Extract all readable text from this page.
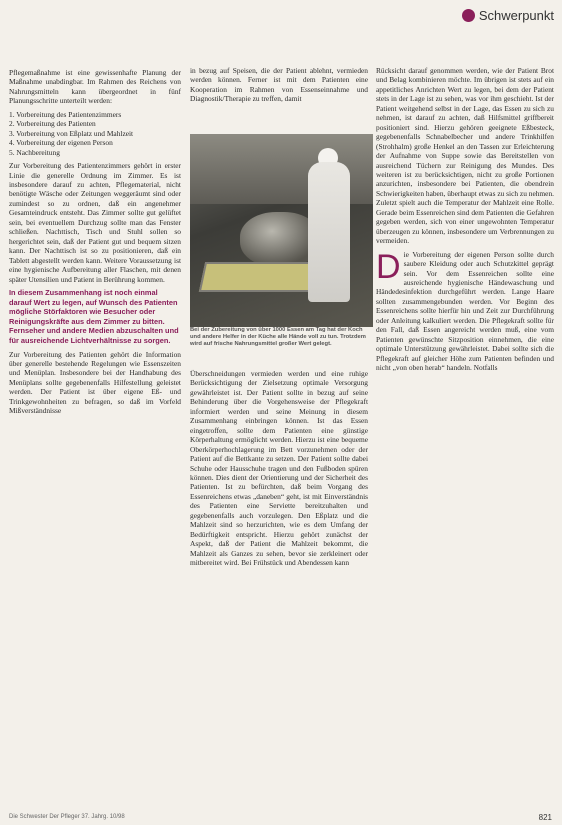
Schwerpunkt

Pflegemaßnahme ist eine gewissenhafte Planung der Maßnahme unabdingbar. Im Rahmen des Reichens von Nahrungsmitteln kann übergeordnet in fünf Planungsschritte unterteilt werden:

1. Vorbereitung des Patientenzimmers
2. Vorbereitung des Patienten
3. Vorbereitung von Eßplatz und Mahlzeit
4. Vorbereitung der eigenen Person
5. Nachbereitung

Zur Vorbereitung des Patientenzimmers gehört in erster Linie die generelle Ordnung im Zimmer. Es ist insbesondere darauf zu achten, Pflegematerial, nicht benötigte Wäsche oder Zeitungen weggeräumt sind oder zumindest so zu ordnen, daß ein angenehmer Gesamteindruck entsteht. Das Zimmer sollte gut gelüftet sein, bei eventuellem Durchzug sollte man das Fenster schließen. Nachttisch, Tisch und Stuhl sollen so hergerichtet sein, daß der Patient gut und bequem sitzen kann. Der Nachttisch ist so zu positionieren, daß ein Tablett abgestellt werden kann. Weitere Voraussetzung ist eine hygienische Aufbereitung aller Flaschen, mit denen später Utensilien und Patient in Berührung kommen.

In diesem Zusammenhang ist noch einmal darauf Wert zu legen, auf Wunsch des Patienten mögliche Störfaktoren wie Besucher oder Reinigungskräfte aus dem Zimmer zu bitten. Fernseher und andere Medien abzuschalten und für ausreichende Lichtverhältnisse zu sorgen.

Zur Vorbereitung des Patienten gehört die Information über generelle bestehende Regelungen wie Essenszeiten und Menüplan. Insbesondere bei der Handhabung des Menüplans sollte gegebenenfalls Hilfestellung geleistet werden. Der Patient ist über eigene Eß- und Trinkgewohnheiten zu befragen, so daß im Vorfeld Mißverständnisse

in bezug auf Speisen, die der Patient ablehnt, vermieden werden können. Ferner ist mit dem Patienten eine Kooperation im Rahmen von Essenseinnahme und Diagnostik/Therapie zu treffen, damit

Bei der Zubereitung von über 1000 Essen am Tag hat der Koch und andere Helfer in der Küche alle Hände voll zu tun. Trotzdem wird auf frische Nahrungsmittel großer Wert gelegt.

Überschneidungen vermieden werden und eine ruhige Berücksichtigung der Zielsetzung optimale Versorgung gewährleistet ist. Der Patient sollte in bezug auf seine Behinderung über die Vorgehensweise der Pflegekraft informiert werden und seine Meinung in diesem Zusammenhang einbringen können. Ist das Essen eingetroffen, sollte dem Patienten eine günstige Körperhaltung ermöglicht werden. Hierzu ist eine bequeme Oberkörperhochlagerung im Bett vorzunehmen oder der Patient auf die Bettkante zu setzen. Der Patient sollte dabei Schuhe oder Hausschuhe tragen und den Fußboden spüren können. Dies dient der Orientierung und der Sicherheit des Patienten. Ist zu befürchten, daß beim Vorgang des Essenreichens etwas „daneben“ geht, ist mit Einverständnis des Patienten eine Serviette bereitzuhalten und gegebenenfalls auch vorzulegen. Den Eßplatz und die Mahlzeit sind so herzurichten, wie es dem Umfang der Bedürftigkeit entspricht. Hierzu gehört zunächst der Aspekt, daß der Patient die Mahlzeit bekommt, die Mahlzeit als Ganzes zu sehen, bevor sie zerkleinert oder mitbereitet wird. Bei Frühstück und Abendessen kann

Rücksicht darauf genommen werden, wie der Patient Brot und Belag kombinieren möchte. Im übrigen ist stets auf ein appetitliches Anrichten Wert zu legen, bei dem der Patient stets in der Lage ist zu sehen, was vor ihm geschieht. Ist der Patient weitgehend selbst in der Lage, das Essen zu sich zu nehmen, ist darauf zu achten, daß Hilfsmittel griffbereit positioniert sind. Hierzu gehören geeignete Eßbesteck, gegebenenfalls Schnabelbecher und andere Trinkhilfen (Strohhalm) große Henkel an den Tassen zur Erleichterung der Aufnahme von Suppe sowie das Bereitstellen von ausreichend Tüchern zur Reinigung des Mundes. Des weiteren ist zu berücksichtigen, nicht zu große Portionen anzurichten, insbesondere bei Patienten, die obendrein Schwierigkeiten haben, überhaupt etwas zu sich zu nehmen. Zuletzt spielt auch die Temperatur der Mahlzeit eine Rolle. Gerade beim Essenreichen sind dem Patienten die Gefahren gegeben werden, sich von einer ungewohnten Temperatur überzeugen zu können, insbesondere um Verbrennungen zu vermeiden.

D ie Vorbereitung der eigenen Person sollte durch saubere Kleidung oder auch Schutzkittel geprägt sein. Vor dem Essenreichen sollte eine ausreichende hygienische Händewaschung und Händedesinfektion durchgeführt werden. Lange Haare sollten zusammengebunden werden. Vor Beginn des Essenreichens sollte hierfür hin und Zeit zur Durchführung oder Anleitung kalkuliert werden. Die Pflegekraft sollte für den Fall, daß Essen angereicht werden muß, eine vom Patienten gewünschte Sitzposition einnehmen, die eine optimale Unterstützung gewährleistet. Dabei sollte sich die Pflegekraft auf gleicher Höhe zum Patienten befinden und nicht „von oben herab“ handeln. Notfalls

Die Schwester Der Pfleger 37. Jahrg. 10/98	821
